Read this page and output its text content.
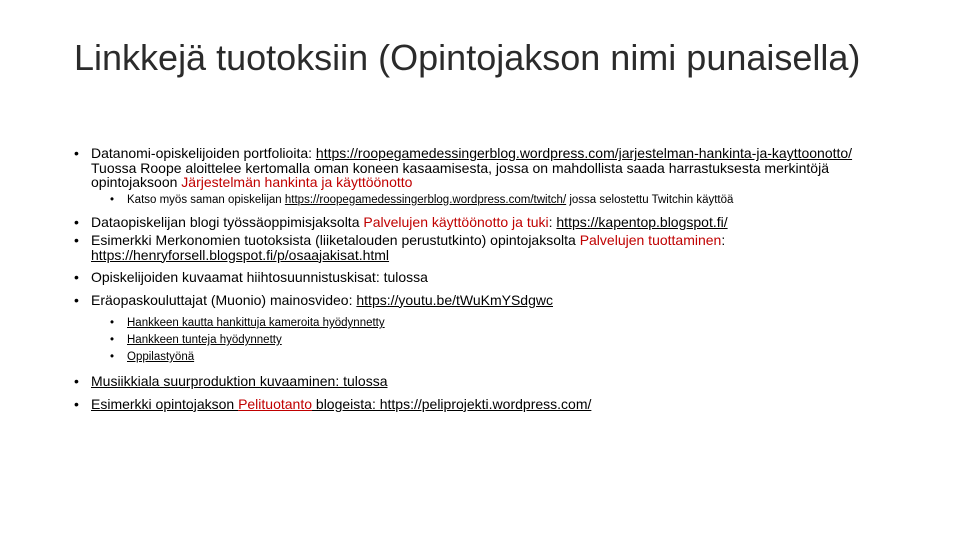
Linkkejä tuotoksiin (Opintojakson nimi punaisella)
• Datanomi-opiskelijoiden portfolioita: https://roopegamedessingerblog.wordpress.com/jarjestelman-hankinta-ja-kayttoonotto/ Tuossa Roope aloittelee kertomalla oman koneen kasaamisesta, jossa on mahdollista saada harrastuksesta merkintöjä opintojaksoon Järjestelmän hankinta ja käyttöönotto
• Katso myös saman opiskelijan https://roopegamedessingerblog.wordpress.com/twitch/ jossa selostettu Twitchin käyttöä
• Dataopiskelijan blogi työssäoppimisjaksolta Palvelujen käyttöönotto ja tuki: https://kapentop.blogspot.fi/
• Esimerkki Merkonomien tuotoksista (liiketalouden perustutkinto) opintojaksolta Palvelujen tuottaminen: https://henryforsell.blogspot.fi/p/osaajakisat.html
• Opiskelijoiden kuvaamat hiihtosuunnistuskisat: tulossa
• Eräopaskouluttajat (Muonio) mainosvideo: https://youtu.be/tWuKmYSdgwc
• Hankkeen kautta hankittuja kameroita hyödynnetty
• Hankkeen tunteja hyödynnetty
• Oppilastyönä
• Musiikkiala suurproduktion kuvaaminen: tulossa
• Esimerkki opintojakson Pelituotanto blogeista: https://peliprojekti.wordpress.com/
